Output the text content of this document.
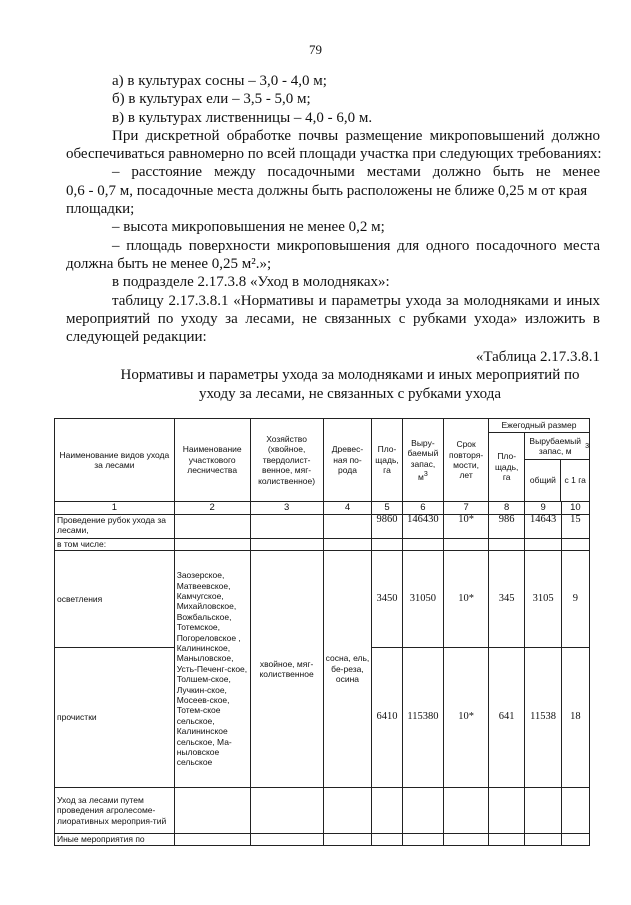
79
а) в культурах сосны – 3,0 - 4,0 м;
б) в культурах ели – 3,5 - 5,0 м;
в) в культурах лиственницы – 4,0 - 6,0 м.
При дискретной обработке почвы размещение микроповышений должно
обеспечиваться равномерно по всей площади участка при следующих требованиях:
– расстояние между посадочными местами должно быть не менее
0,6 - 0,7 м, посадочные места должны быть расположены не ближе 0,25 м от края
площадки;
– высота микроповышения не менее 0,2 м;
– площадь поверхности микроповышения для одного посадочного места
должна быть не менее 0,25 м².»;
в подразделе 2.17.3.8 «Уход в молодняках»:
таблицу 2.17.3.8.1 «Нормативы и параметры ухода за молодняками и иных
мероприятий по уходу за лесами, не связанных с рубками ухода» изложить в
следующей редакции:
«Таблица 2.17.3.8.1
Нормативы и параметры ухода за молодняками и иных мероприятий по
уходу за лесами, не связанных с рубками ухода
Наименование видов ухода за лесами	Наименование участкового лесничества	Хозяйство (хвойное, твердолист-венное, мяг-колиственное)	Древес-ная по-рода	Пло-щадь, га	Выру-баемый запас, $м^3$	Срок повторя-мости, лет	Ежегодный размер		
							Пло-щадь, га	Вырубаемый запас, м
3
общий с 1 га	

1	2	3	4	5	6	7	8	9	10
Проведение рубок ухода за лесами,				9860	146430	10*	986	14643	15
в том числе:									
осветления	Заозерское, Матвеевское, Камчугское, Михайловское, Вожбальское, Тотемское, Погореловское , Калининское, Маныловское, Усть-Печенг-ское, Толшем-ское, Лучкин-ское, Мосеев-ское, Тотем-ское сельское, Калининское сельское, Ма-ныловское сельское	хвойное, мяг-колиственное	сосна, ель, бе-реза, осина	3450	31050	10*	345	3105	9
прочистки				6410	115380	10*	641	11538	18
Уход за лесами путем проведения агролесоме-лиоративных мероприя-тий									
Иные мероприятия по									
